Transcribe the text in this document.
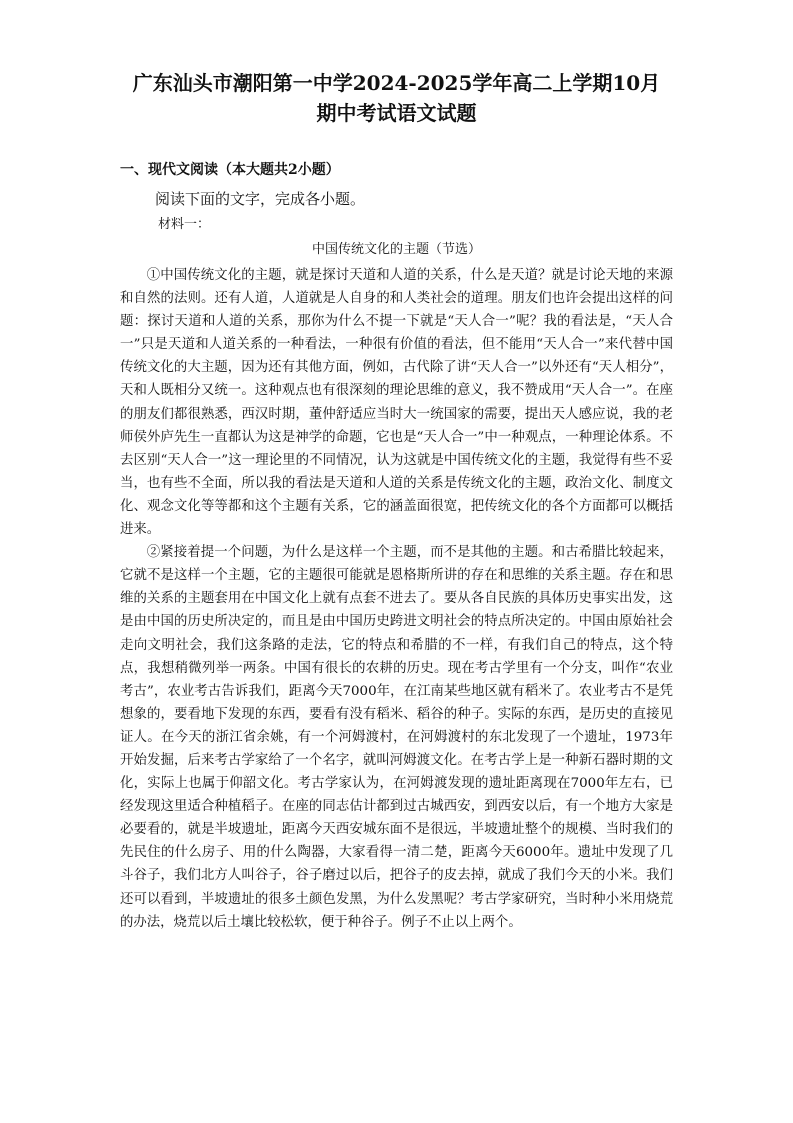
广东汕头市潮阳第一中学2024-2025学年高二上学期10月
期中考试语文试题
一、现代文阅读（本大题共2小题）

阅读下面的文字，完成各小题。

材料一：

中国传统文化的主题（节选）

①中国传统文化的主题，就是探讨天道和人道的关系，什么是天道？就是讨论天地的来源和自然的法则。还有人道，人道就是人自身的和人类社会的道理。朋友们也许会提出这样的问题：探讨天道和人道的关系，那你为什么不提一下就是“天人合一”呢？我的看法是，“天人合一”只是天道和人道关系的一种看法，一种很有价值的看法，但不能用“天人合一”来代替中国传统文化的大主题，因为还有其他方面，例如，古代除了讲“天人合一”以外还有“天人相分”，天和人既相分又统一。这种观点也有很深刻的理论思维的意义，我不赞成用“天人合一”。在座的朋友们都很熟悉，西汉时期，董仲舒适应当时大一统国家的需要，提出天人感应说，我的老师侯外庐先生一直都认为这是神学的命题，它也是“天人合一”中一种观点，一种理论体系。不去区别“天人合一”这一理论里的不同情况，认为这就是中国传统文化的主题，我觉得有些不妥当，也有些不全面，所以我的看法是天道和人道的关系是传统文化的主题，政治文化、制度文化、观念文化等等都和这个主题有关系，它的涵盖面很宽，把传统文化的各个方面都可以概括进来。

②紧接着提一个问题，为什么是这样一个主题，而不是其他的主题。和古希腊比较起来，它就不是这样一个主题，它的主题很可能就是恩格斯所讲的存在和思维的关系主题。存在和思维的关系的主题套用在中国文化上就有点套不进去了。要从各自民族的具体历史事实出发，这是由中国的历史所决定的，而且是由中国历史跨进文明社会的特点所决定的。中国由原始社会走向文明社会，我们这条路的走法，它的特点和希腊的不一样，有我们自己的特点，这个特点，我想稍微列举一两条。中国有很长的农耕的历史。现在考古学里有一个分支，叫作“农业考古”，农业考古告诉我们，距离今天7000年，在江南某些地区就有稻米了。农业考古不是凭想象的，要看地下发现的东西，要看有没有稻米、稻谷的种子。实际的东西，是历史的直接见证人。在今天的浙江省余姚，有一个河姆渡村，在河姆渡村的东北发现了一个遗址，1973年开始发掘，后来考古学家给了一个名字，就叫河姆渡文化。在考古学上是一种新石器时期的文化，实际上也属于仰韶文化。考古学家认为，在河姆渡发现的遗址距离现在7000年左右，已经发现这里适合种植稻子。在座的同志估计都到过古城西安，到西安以后，有一个地方大家是必要看的，就是半坡遗址，距离今天西安城东面不是很远，半坡遗址整个的规模、当时我们的先民住的什么房子、用的什么陶器，大家看得一清二楚，距离今天6000年。遗址中发现了几斗谷子，我们北方人叫谷子，谷子磨过以后，把谷子的皮去掉，就成了我们今天的小米。我们还可以看到，半坡遗址的很多土颜色发黑，为什么发黑呢？考古学家研究，当时种小米用烧荒的办法，烧荒以后土壤比较松软，便于种谷子。例子不止以上两个。
